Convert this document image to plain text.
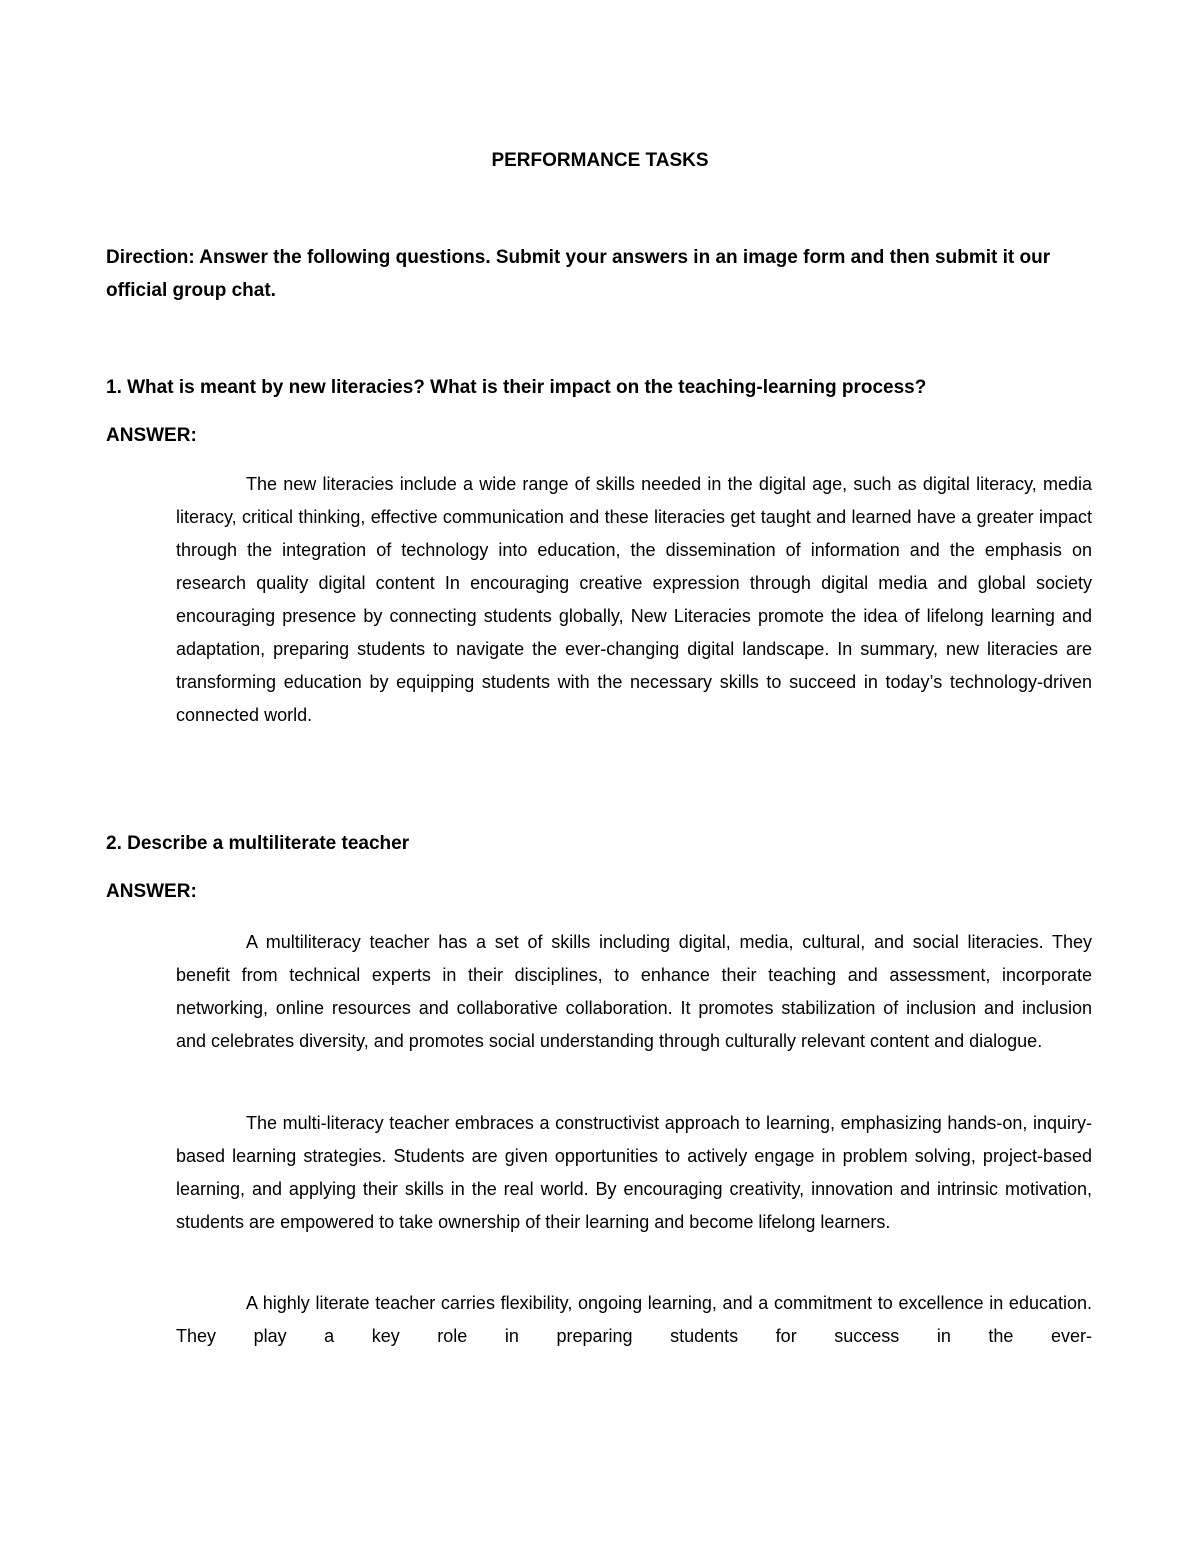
PERFORMANCE TASKS
Direction: Answer the following questions. Submit your answers in an image form and then submit it our official group chat.
1. What is meant by new literacies? What is their impact on the teaching-learning process?
ANSWER:

The new literacies include a wide range of skills needed in the digital age, such as digital literacy, media literacy, critical thinking, effective communication and these literacies get taught and learned have a greater impact through the integration of technology into education, the dissemination of information and the emphasis on research quality digital content In encouraging creative expression through digital media and global society encouraging presence by connecting students globally, New Literacies promote the idea of lifelong learning and adaptation, preparing students to navigate the ever-changing digital landscape. In summary, new literacies are transforming education by equipping students with the necessary skills to succeed in today’s technology-driven connected world.

2. Describe a multiliterate teacher
ANSWER:

A multiliteracy teacher has a set of skills including digital, media, cultural, and social literacies. They benefit from technical experts in their disciplines, to enhance their teaching and assessment, incorporate networking, online resources and collaborative collaboration. It promotes stabilization of inclusion and inclusion and celebrates diversity, and promotes social understanding through culturally relevant content and dialogue.

The multi-literacy teacher embraces a constructivist approach to learning, emphasizing hands-on, inquiry-based learning strategies. Students are given opportunities to actively engage in problem solving, project-based learning, and applying their skills in the real world. By encouraging creativity, innovation and intrinsic motivation, students are empowered to take ownership of their learning and become lifelong learners.

A highly literate teacher carries flexibility, ongoing learning, and a commitment to excellence in education. They play a key role in preparing students for success in the ever-
